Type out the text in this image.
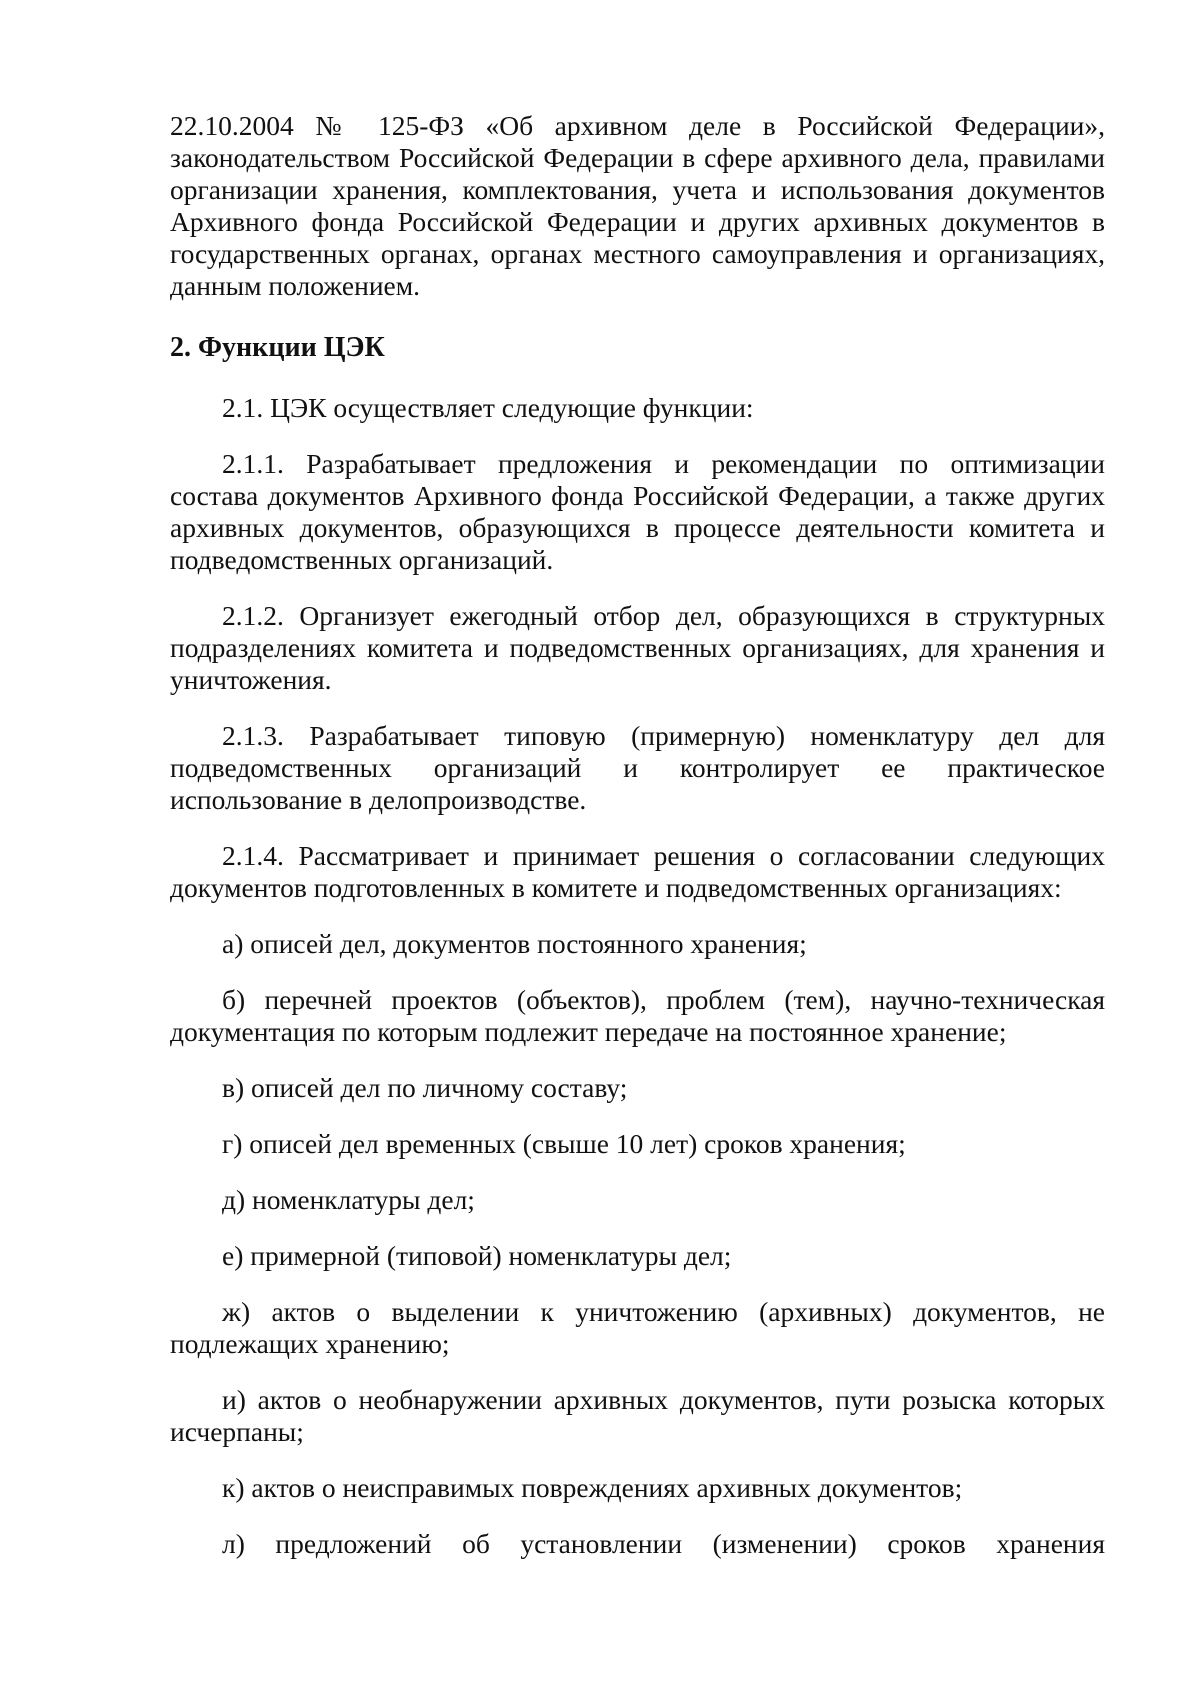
22.10.2004 № 125-ФЗ «Об архивном деле в Российской Федерации», законодательством Российской Федерации в сфере архивного дела, правилами организации хранения, комплектования, учета и использования документов Архивного фонда Российской Федерации и других архивных документов в государственных органах, органах местного самоуправления и организациях, данным положением.

2. Функции ЦЭК

2.1. ЦЭК осуществляет следующие функции:

2.1.1. Разрабатывает предложения и рекомендации по оптимизации состава документов Архивного фонда Российской Федерации, а также других архивных документов, образующихся в процессе деятельности комитета и подведомственных организаций.

2.1.2. Организует ежегодный отбор дел, образующихся в структурных подразделениях комитета и подведомственных организациях, для хранения и уничтожения.

2.1.3. Разрабатывает типовую (примерную) номенклатуру дел для подведомственных организаций и контролирует ее практическое использование в делопроизводстве.

2.1.4. Рассматривает и принимает решения о согласовании следующих документов подготовленных в комитете и подведомственных организациях:

а) описей дел, документов постоянного хранения;

б) перечней проектов (объектов), проблем (тем), научно-техническая документация по которым подлежит передаче на постоянное хранение;

в) описей дел по личному составу;

г) описей дел временных (свыше 10 лет) сроков хранения;

д) номенклатуры дел;

е) примерной (типовой) номенклатуры дел;

ж) актов о выделении к уничтожению (архивных) документов, не подлежащих хранению;

и) актов о необнаружении архивных документов, пути розыска которых исчерпаны;

к) актов о неисправимых повреждениях архивных документов;

л) предложений об установлении (изменении) сроков хранения
